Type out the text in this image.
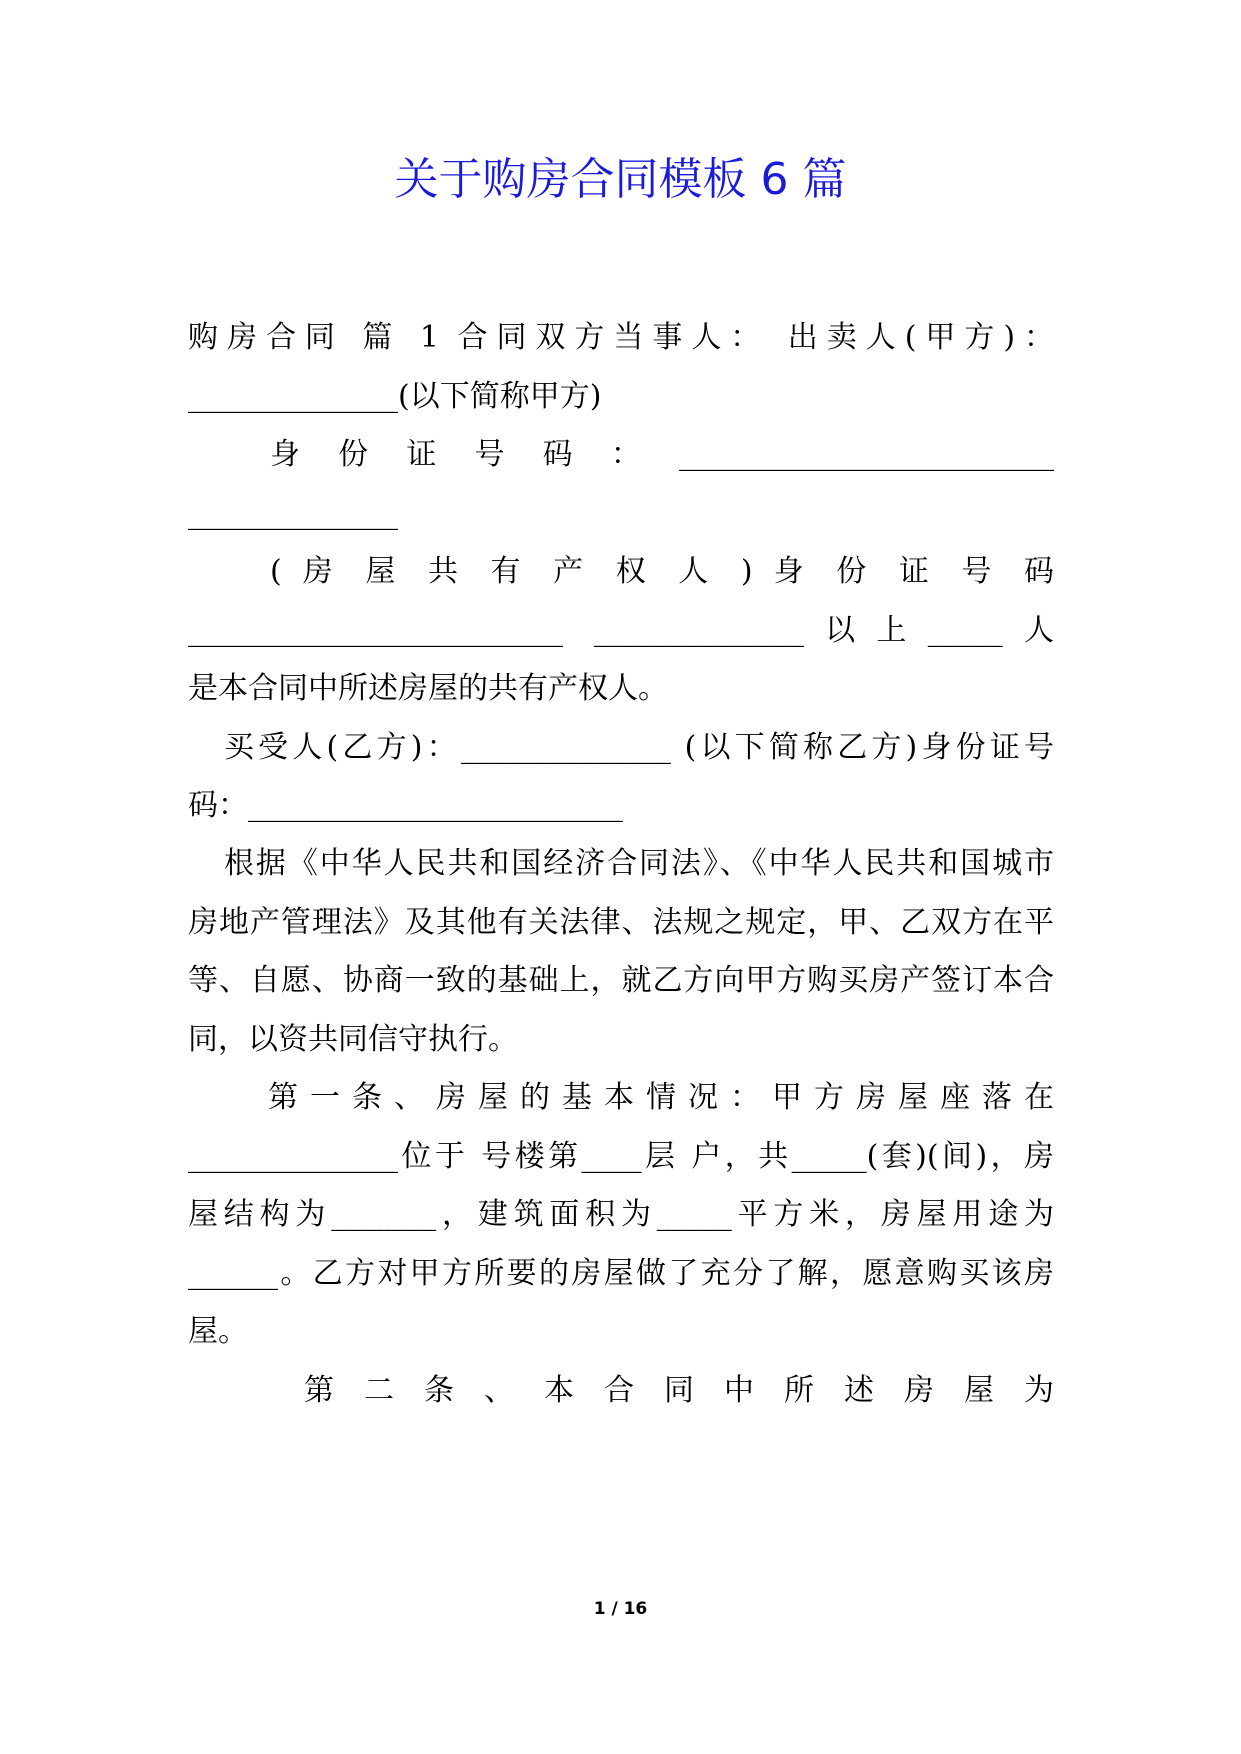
关于购房合同模板 6 篇
购房合同 篇 1 合同双方当事人： 出卖人(甲方)：
______________(以下简称甲方)
身 份 证 号 码 ： _________________________
______________
( 房 屋 共 有 产 权 人 ) 身 份 证 号 码
_________________________ ______________以上_____人
是本合同中所述房屋的共有产权人。
买受人(乙方)：______________ (以下简称乙方)身份证号
码：_________________________
根据《中华人民共和国经济合同法》、《中华人民共和国城市
房地产管理法》及其他有关法律、法规之规定，甲、乙双方在平
等、自愿、协商一致的基础上，就乙方向甲方购买房产签订本合
同，以资共同信守执行。
第 一 条 、 房 屋 的 基 本 情 况 ： 甲 方 房 屋 座 落 在
______________位于 号楼第____层 户，共_____(套)(间)，房
屋结构为_______，建筑面积为_____平方米，房屋用途为
______。乙方对甲方所要的房屋做了充分了解，愿意购买该房
屋。
第 二 条 、 本 合 同 中 所 述 房 屋 为
1 / 16
